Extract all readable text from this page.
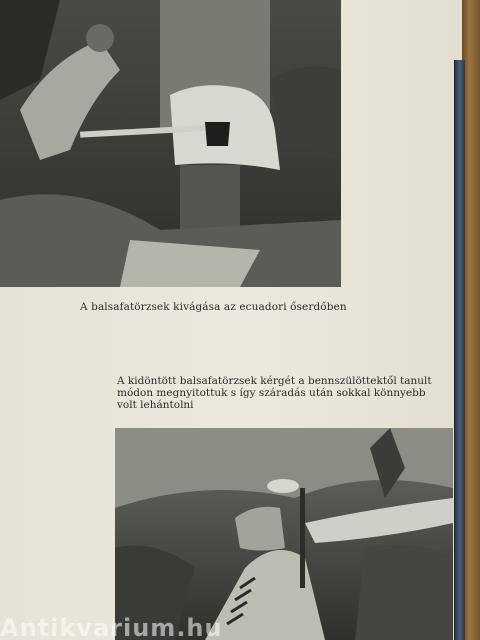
A balsafatörzsek kivágása az ecuadori őserdőben
A kidöntött balsafatörzsek kérgét a bennszülöttektől tanult
módon megnyitottuk s így száradás után sokkal könnyebb
volt lehántolni
Antikvarium.hu
